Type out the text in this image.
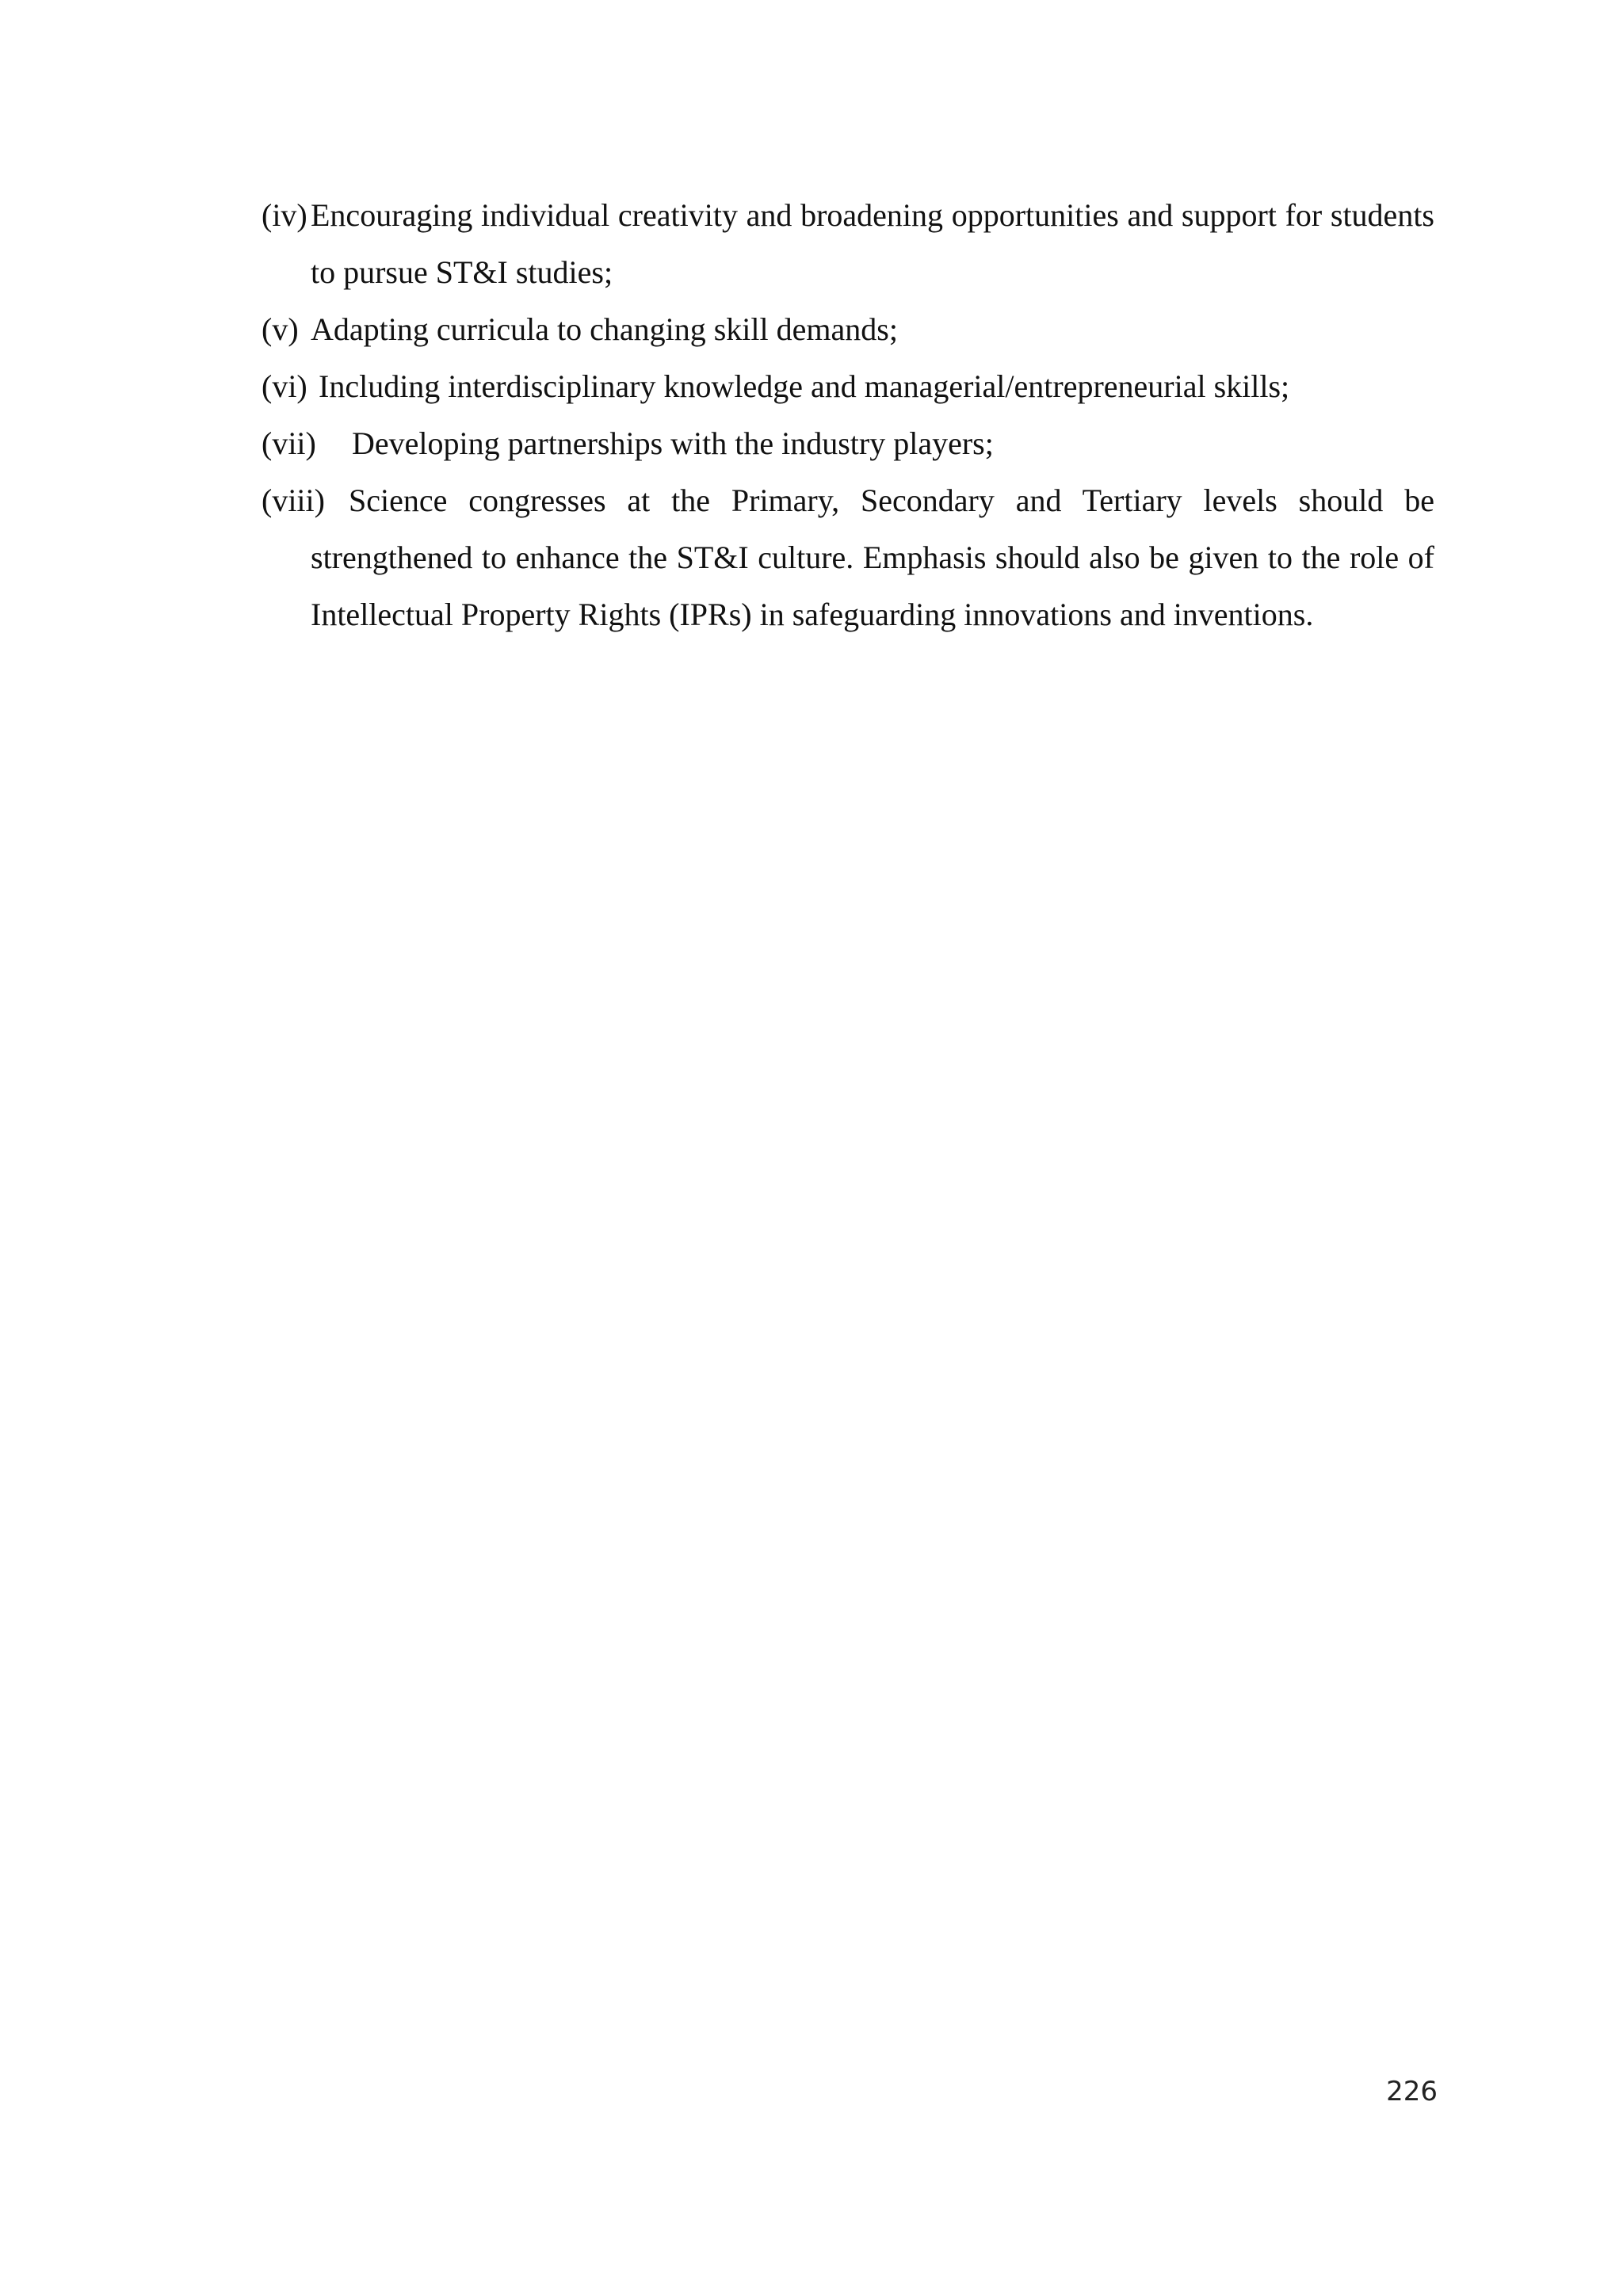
(iv) Encouraging individual creativity and broadening opportunities and support for students to pursue ST&I studies;
(v) Adapting curricula to changing skill demands;
(vi) Including interdisciplinary knowledge and managerial/entrepreneurial skills;
(vii)	Developing partnerships with the industry players;
(viii) Science congresses at the Primary, Secondary and Tertiary levels should be strengthened to enhance the ST&I culture. Emphasis should also be given to the role of Intellectual Property Rights (IPRs) in safeguarding innovations and inventions.
226
